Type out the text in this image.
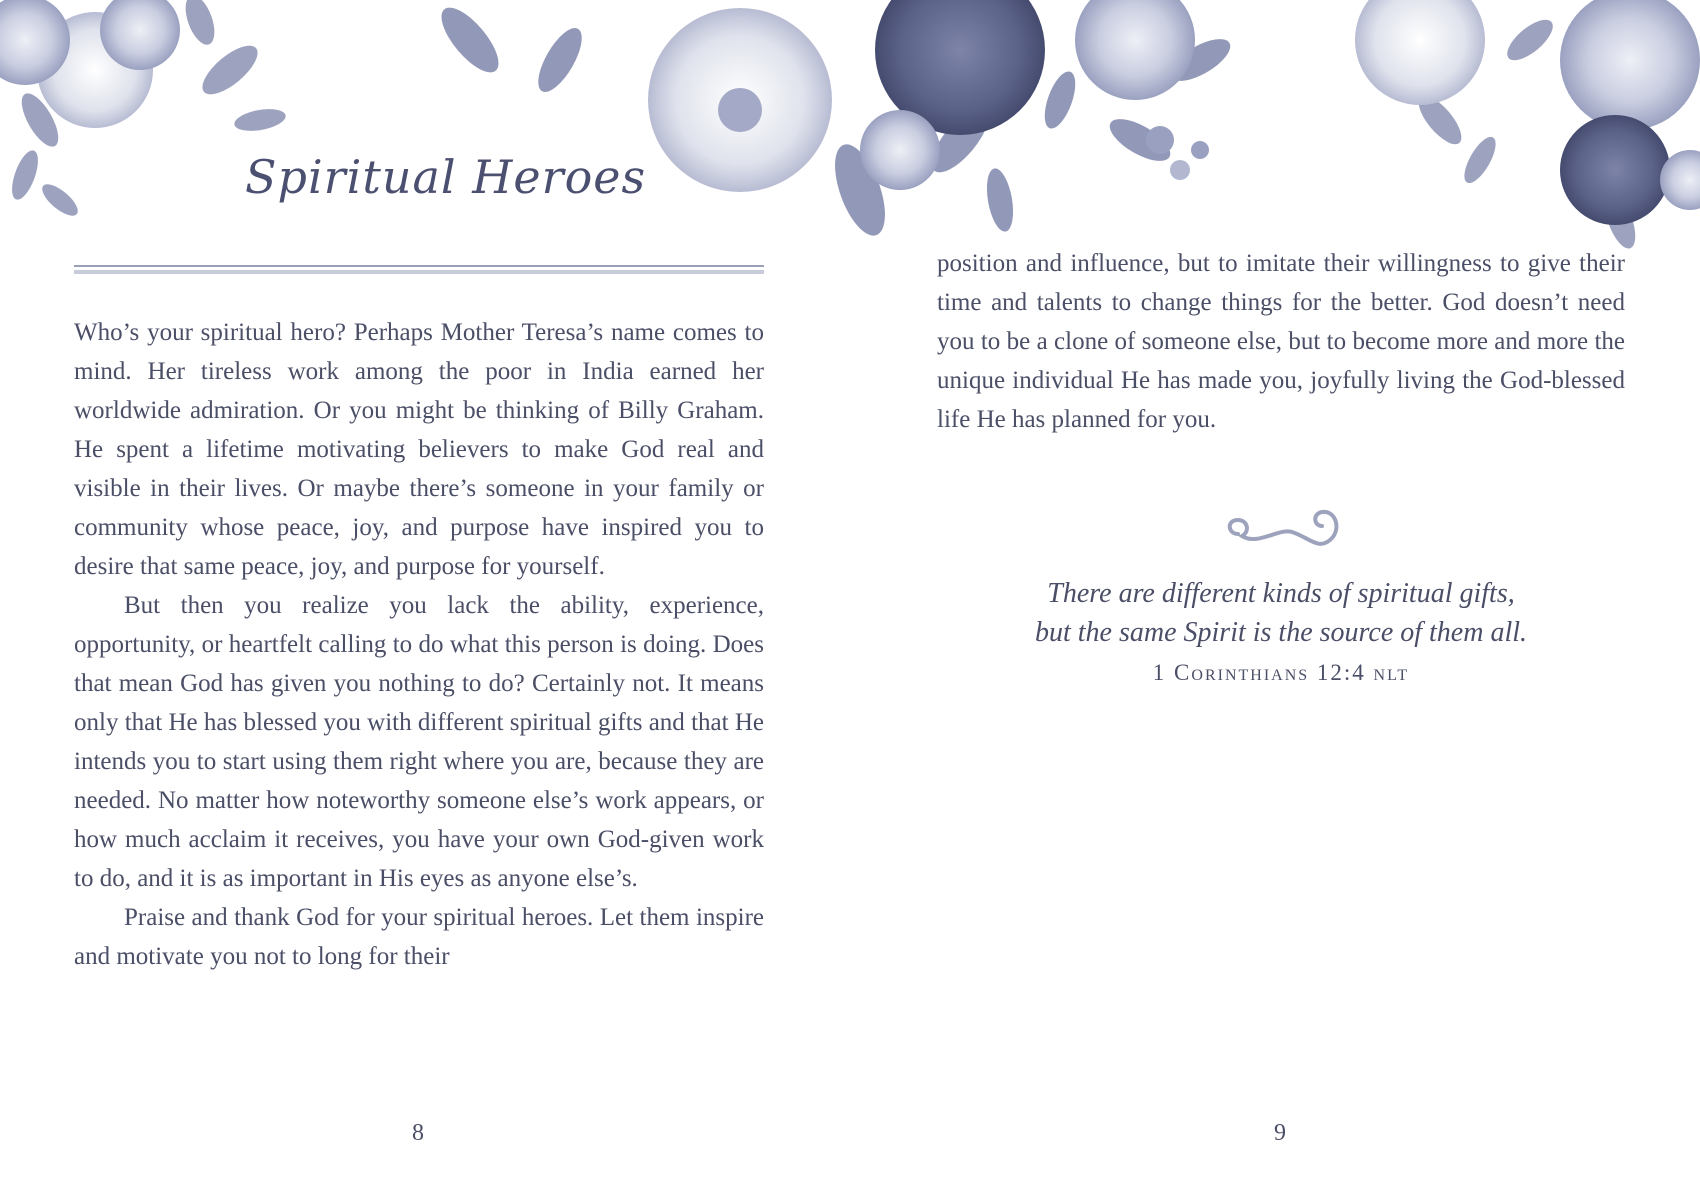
Spiritual Heroes

Who’s your spiritual hero? Perhaps Mother Teresa’s name comes to mind. Her tireless work among the poor in India earned her worldwide admiration. Or you might be thinking of Billy Graham. He spent a lifetime motivating believers to make God real and visible in their lives. Or maybe there’s someone in your family or community whose peace, joy, and purpose have inspired you to desire that same peace, joy, and purpose for yourself.

But then you realize you lack the ability, experience, opportunity, or heartfelt calling to do what this person is doing. Does that mean God has given you nothing to do? Certainly not. It means only that He has blessed you with different spiritual gifts and that He intends you to start using them right where you are, because they are needed. No matter how noteworthy someone else’s work appears, or how much acclaim it receives, you have your own God-given work to do, and it is as important in His eyes as anyone else’s.

Praise and thank God for your spiritual heroes. Let them inspire and motivate you not to long for their

8

position and influence, but to imitate their willingness to give their time and talents to change things for the better. God doesn’t need you to be a clone of someone else, but to become more and more the unique individual He has made you, joyfully living the God-blessed life He has planned for you.

There are different kinds of spiritual gifts,
but the same Spirit is the source of them all.
1 Corinthians 12:4 nlt
9
